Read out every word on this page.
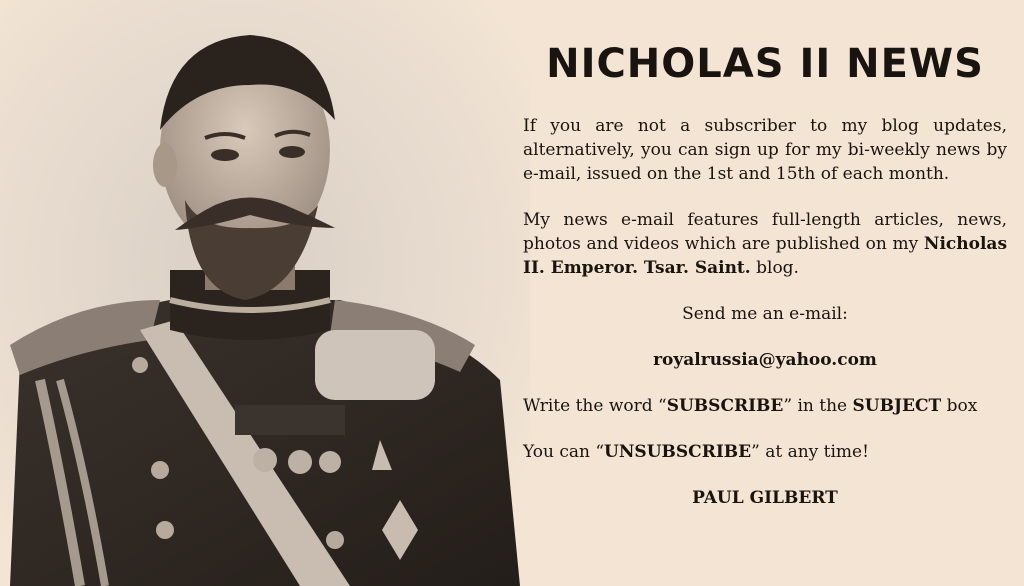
NICHOLAS II NEWS

If you are not a subscriber to my blog updates, alternatively, you can sign up for my bi-weekly news by e-mail, issued on the 1st and 15th of each month.

My news e-mail features full-length articles, news, photos and videos which are published on my Nicholas II. Emperor. Tsar. Saint. blog.

Send me an e-mail:

royalrussia@yahoo.com

Write the word “SUBSCRIBE” in the SUBJECT box

You can “UNSUBSCRIBE” at any time!

PAUL GILBERT
